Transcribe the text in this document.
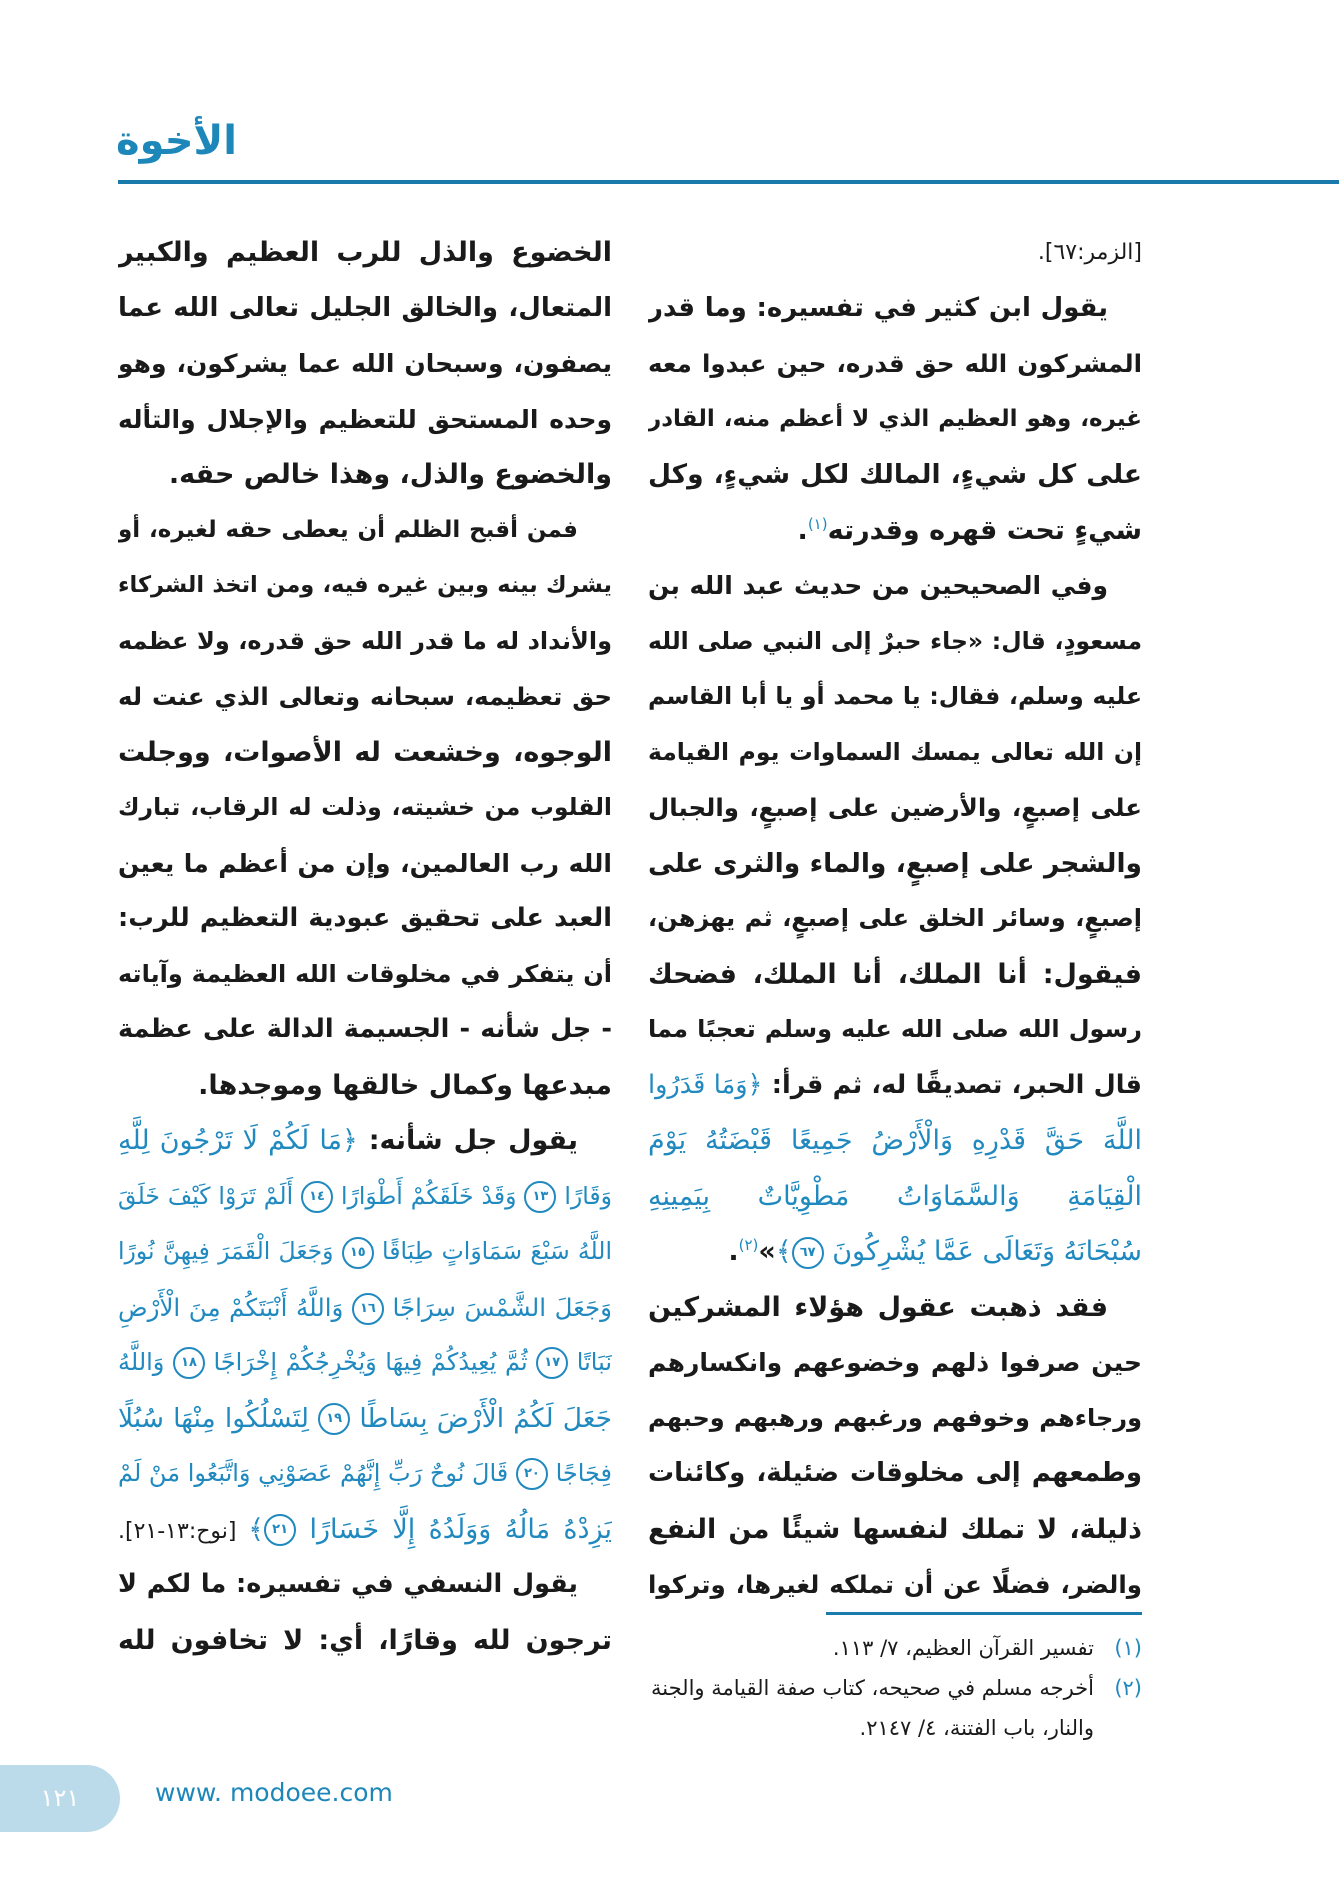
الأخوة
[الزمر:٦٧].
يقول ابن كثير في تفسيره: وما قدر
المشركون الله حق قدره، حين عبدوا معه
غيره، وهو العظيم الذي لا أعظم منه، القادر
على كل شيءٍ، المالك لكل شيءٍ، وكل
شيءٍ تحت قهره وقدرته$^{(١)}$.
وفي الصحيحين من حديث عبد الله بن
مسعودٍ، قال: «جاء حبرٌ إلى النبي صلى الله
عليه وسلم، فقال: يا محمد أو يا أبا القاسم
إن الله تعالى يمسك السماوات يوم القيامة
على إصبعٍ، والأرضين على إصبعٍ، والجبال
والشجر على إصبعٍ، والماء والثرى على
إصبعٍ، وسائر الخلق على إصبعٍ، ثم يهزهن،
فيقول: أنا الملك، أنا الملك، فضحك
رسول الله صلى الله عليه وسلم تعجبًا مما
قال الحبر، تصديقًا له، ثم قرأ: ﴿وَمَا قَدَرُوا
اللَّهَ حَقَّ قَدْرِهِ وَالْأَرْضُ جَمِيعًا قَبْضَتُهُ يَوْمَ
الْقِيَامَةِ وَالسَّمَاوَاتُ مَطْوِيَّاتٌ بِيَمِينِهِ
سُبْحَانَهُ وَتَعَالَى عَمَّا يُشْرِكُونَ ٦٧﴾»$^{(٢)}$.
فقد ذهبت عقول هؤلاء المشركين
حين صرفوا ذلهم وخضوعهم وانكسارهم
ورجاءهم وخوفهم ورغبهم ورهبهم وحبهم
وطمعهم إلى مخلوقات ضئيلة، وكائنات
ذليلة، لا تملك لنفسها شيئًا من النفع
والضر، فضلًا عن أن تملكه لغيرها، وتركوا
الخضوع والذل للرب العظيم والكبير
المتعال، والخالق الجليل تعالى الله عما
يصفون، وسبحان الله عما يشركون، وهو
وحده المستحق للتعظيم والإجلال والتأله
والخضوع والذل، وهذا خالص حقه.
فمن أقبح الظلم أن يعطى حقه لغيره، أو
يشرك بينه وبين غيره فيه، ومن اتخذ الشركاء
والأنداد له ما قدر الله حق قدره، ولا عظمه
حق تعظيمه، سبحانه وتعالى الذي عنت له
الوجوه، وخشعت له الأصوات، ووجلت
القلوب من خشيته، وذلت له الرقاب، تبارك
الله رب العالمين، وإن من أعظم ما يعين
العبد على تحقيق عبودية التعظيم للرب:
أن يتفكر في مخلوقات الله العظيمة وآياته
- جل شأنه - الجسيمة الدالة على عظمة
مبدعها وكمال خالقها وموجدها.
يقول جل شأنه: ﴿مَا لَكُمْ لَا تَرْجُونَ لِلَّهِ
وَقَارًا ١٣ وَقَدْ خَلَقَكُمْ أَطْوَارًا ١٤ أَلَمْ تَرَوْا كَيْفَ خَلَقَ
اللَّهُ سَبْعَ سَمَاوَاتٍ طِبَاقًا ١٥ وَجَعَلَ الْقَمَرَ فِيهِنَّ نُورًا
وَجَعَلَ الشَّمْسَ سِرَاجًا ١٦ وَاللَّهُ أَنْبَتَكُمْ مِنَ الْأَرْضِ
نَبَاتًا ١٧ ثُمَّ يُعِيدُكُمْ فِيهَا وَيُخْرِجُكُمْ إِخْرَاجًا ١٨ وَاللَّهُ
جَعَلَ لَكُمُ الْأَرْضَ بِسَاطًا ١٩ لِتَسْلُكُوا مِنْهَا سُبُلًا
فِجَاجًا ٢٠ قَالَ نُوحٌ رَبِّ إِنَّهُمْ عَصَوْنِي وَاتَّبَعُوا مَنْ لَمْ
يَزِدْهُ مَالُهُ وَوَلَدُهُ إِلَّا خَسَارًا ٢١﴾ [نوح:١٣-٢١].
يقول النسفي في تفسيره: ما لكم لا
ترجون لله وقارًا، أي: لا تخافون لله	(١)
تفسير القرآن العظيم، ٧/ ١١٣.
(٢)
أخرجه مسلم في صحيحه، كتاب صفة القيامة والجنة والنار، باب الفتنة، ٤/ ٢١٤٧.
١٢١	www. modoee.com
